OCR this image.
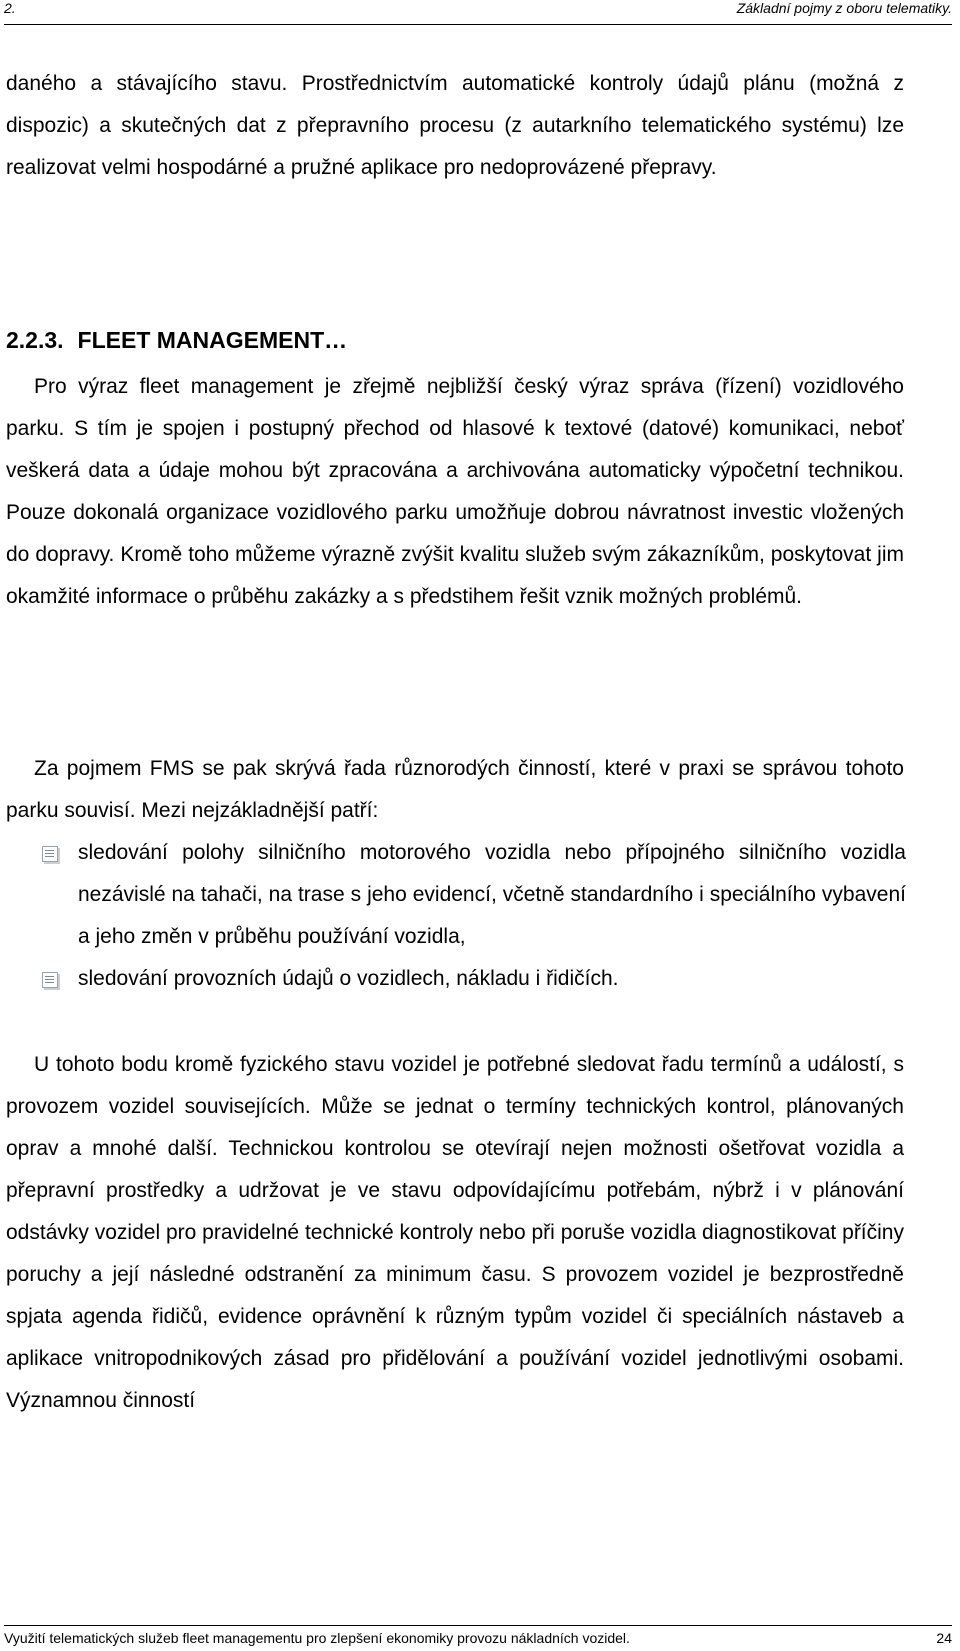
2.	Základní pojmy z oboru telematiky.

daného a stávajícího stavu. Prostřednictvím automatické kontroly údajů plánu (možná z dispozic) a skutečných dat z přepravního procesu (z autarkního telematického systému) lze realizovat velmi hospodárné a pružné aplikace pro nedoprovázené přepravy.

2.2.3. FLEET MANAGEMENT…

Pro výraz fleet management je zřejmě nejbližší český výraz správa (řízení) vozidlového parku. S tím je spojen i postupný přechod od hlasové k textové (datové) komunikaci, neboť veškerá data a údaje mohou být zpracována a archivována automaticky výpočetní technikou. Pouze dokonalá organizace vozidlového parku umožňuje dobrou návratnost investic vložených do dopravy. Kromě toho můžeme výrazně zvýšit kvalitu služeb svým zákazníkům, poskytovat jim okamžité informace o průběhu zakázky a s předstihem řešit vznik možných problémů.

Za pojmem FMS se pak skrývá řada různorodých činností, které v praxi se správou tohoto parku souvisí. Mezi nejzákladnější patří:

sledování polohy silničního motorového vozidla nebo přípojného silničního vozidla nezávislé na tahači, na trase s jeho evidencí, včetně standardního i speciálního vybavení a jeho změn v průběhu používání vozidla,
sledování provozních údajů o vozidlech, nákladu i řidičích.

U tohoto bodu kromě fyzického stavu vozidel je potřebné sledovat řadu termínů a událostí, s provozem vozidel souvisejících. Může se jednat o termíny technických kontrol, plánovaných oprav a mnohé další. Technickou kontrolou se otevírají nejen možnosti ošetřovat vozidla a přepravní prostředky a udržovat je ve stavu odpovídajícímu potřebám, nýbrž i v plánování odstávky vozidel pro pravidelné technické kontroly nebo při poruše vozidla diagnostikovat příčiny poruchy a její následné odstranění za minimum času. S provozem vozidel je bezprostředně spjata agenda řidičů, evidence oprávnění k různým typům vozidel či speciálních nástaveb a aplikace vnitropodnikových zásad pro přidělování a používání vozidel jednotlivými osobami. Významnou činností

Využití telematických služeb fleet managementu pro zlepšení ekonomiky provozu nákladních vozidel.	24
